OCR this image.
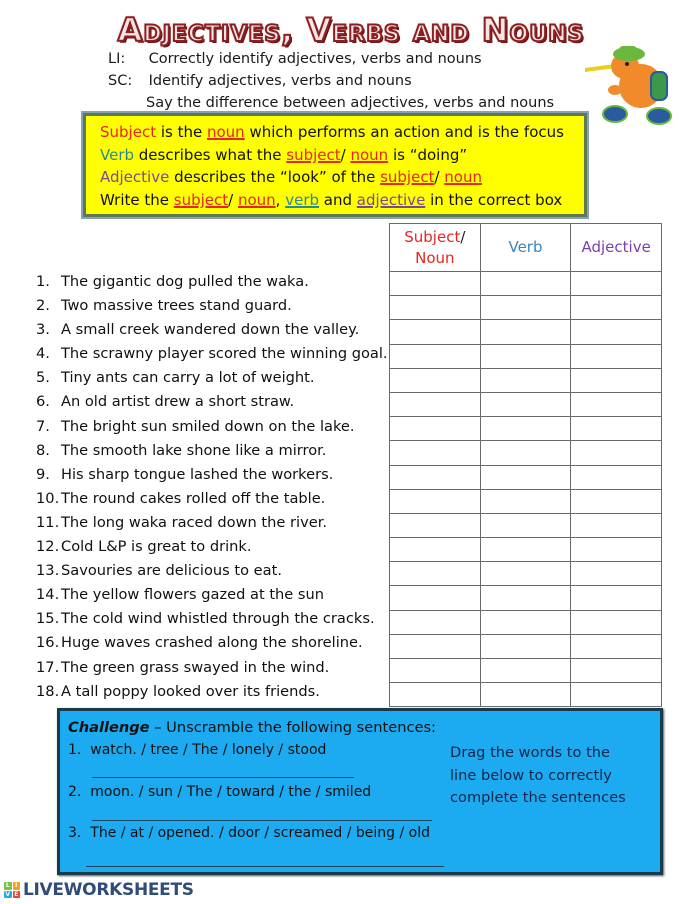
Adjectives, Verbs and Nouns
LI: Correctly identify adjectives, verbs and nouns
SC: Identify adjectives, verbs and nouns
Say the difference between adjectives, verbs and nouns
Subject is the noun which performs an action and is the focus
Verb describes what the subject/ noun is “doing”
Adjective describes the “look” of the subject/ noun
Write the subject/ noun, verb and adjective in the correct box
1. The gigantic dog pulled the waka.
2. Two massive trees stand guard.
3. A small creek wandered down the valley.
4. The scrawny player scored the winning goal.
5. Tiny ants can carry a lot of weight.
6. An old artist drew a short straw.
7. The bright sun smiled down on the lake.
8. The smooth lake shone like a mirror.
9. His sharp tongue lashed the workers.
10. The round cakes rolled off the table.
11. The long waka raced down the river.
12. Cold L&P is great to drink.
13. Savouries are delicious to eat.
14. The yellow flowers gazed at the sun
15. The cold wind whistled through the cracks.
16. Huge waves crashed along the shoreline.
17. The green grass swayed in the wind.
18. A tall poppy looked over its friends.
Subject/
Noun	Verb	Adjective

Challenge – Unscramble the following sentences:
1. watch. / tree / The / lonely / stood
2. moon. / sun / The / toward / the / smiled
3. The / at / opened. / door / screamed / being / old
Drag the words to the
line below to correctly
complete the sentences
L I
V E LIVEWORKSHEETS
